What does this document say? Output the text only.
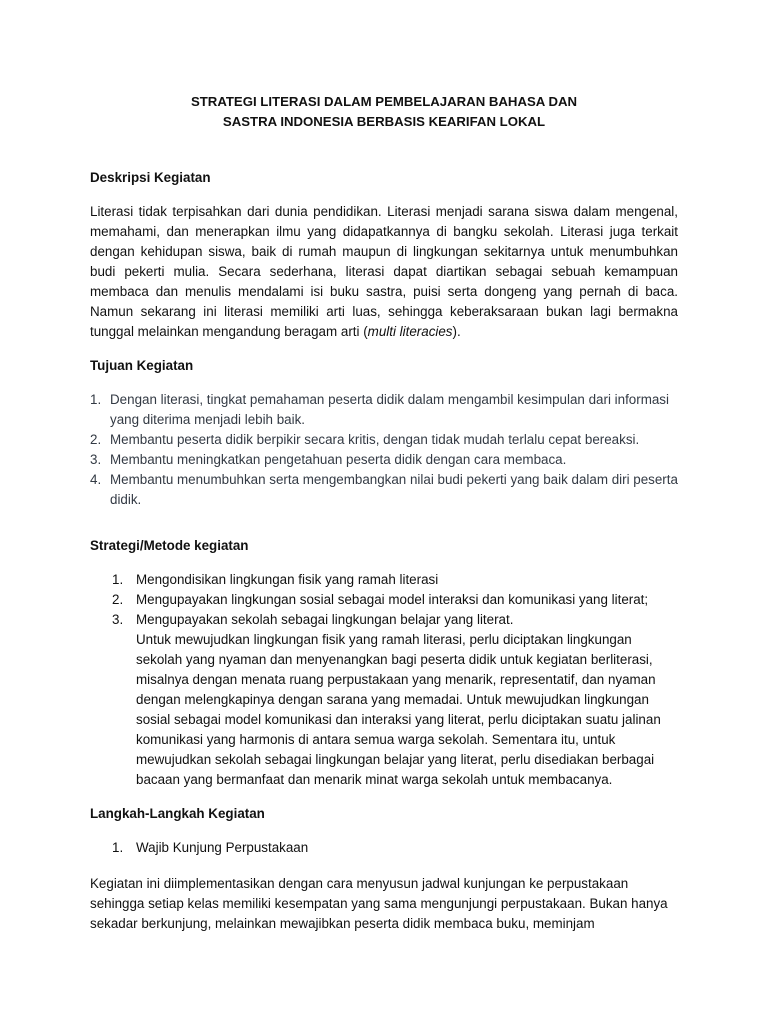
STRATEGI LITERASI DALAM PEMBELAJARAN BAHASA DAN
SASTRA INDONESIA BERBASIS KEARIFAN LOKAL

Deskripsi Kegiatan

Literasi tidak terpisahkan dari dunia pendidikan. Literasi menjadi sarana siswa dalam mengenal, memahami, dan menerapkan ilmu yang didapatkannya di bangku sekolah. Literasi juga terkait dengan kehidupan siswa, baik di rumah maupun di lingkungan sekitarnya untuk menumbuhkan budi pekerti mulia. Secara sederhana, literasi dapat diartikan sebagai sebuah kemampuan membaca dan menulis mendalami isi buku sastra, puisi serta dongeng yang pernah di baca. Namun sekarang ini literasi memiliki arti luas, sehingga keberaksaraan bukan lagi bermakna tunggal melainkan mengandung beragam arti (multi literacies).

Tujuan Kegiatan

1. Dengan literasi, tingkat pemahaman peserta didik dalam mengambil kesimpulan dari informasi yang diterima menjadi lebih baik.
2. Membantu peserta didik berpikir secara kritis, dengan tidak mudah terlalu cepat bereaksi.
3. Membantu meningkatkan pengetahuan peserta didik dengan cara membaca.
4. Membantu menumbuhkan serta mengembangkan nilai budi pekerti yang baik dalam diri peserta didik.

Strategi/Metode kegiatan

1. Mengondisikan lingkungan fisik yang ramah literasi
2. Mengupayakan lingkungan sosial sebagai model interaksi dan komunikasi yang literat;
3. Mengupayakan sekolah sebagai lingkungan belajar yang literat.

Untuk mewujudkan lingkungan fisik yang ramah literasi, perlu diciptakan lingkungan sekolah yang nyaman dan menyenangkan bagi peserta didik untuk kegiatan berliterasi, misalnya dengan menata ruang perpustakaan yang menarik, representatif, dan nyaman dengan melengkapinya dengan sarana yang memadai. Untuk mewujudkan lingkungan sosial sebagai model komunikasi dan interaksi yang literat, perlu diciptakan suatu jalinan komunikasi yang harmonis di antara semua warga sekolah. Sementara itu, untuk mewujudkan sekolah sebagai lingkungan belajar yang literat, perlu disediakan berbagai bacaan yang bermanfaat dan menarik minat warga sekolah untuk membacanya.

Langkah-Langkah Kegiatan

1. Wajib Kunjung Perpustakaan

Kegiatan ini diimplementasikan dengan cara menyusun jadwal kunjungan ke perpustakaan sehingga setiap kelas memiliki kesempatan yang sama mengunjungi perpustakaan. Bukan hanya sekadar berkunjung, melainkan mewajibkan peserta didik membaca buku, meminjam
